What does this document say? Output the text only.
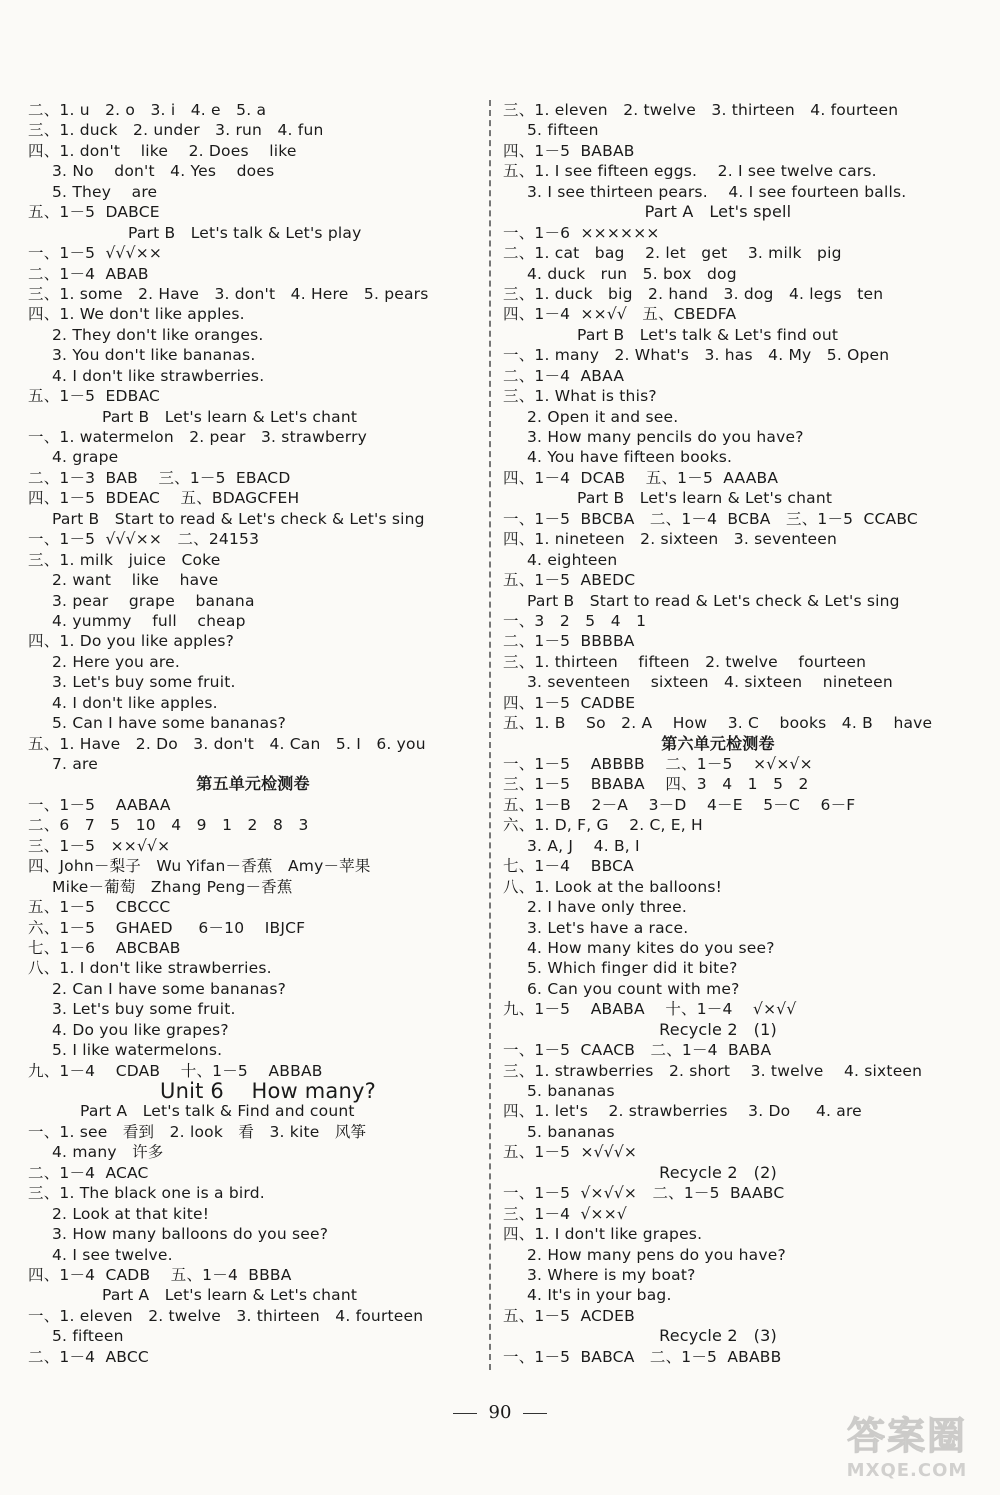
二、1. u   2. o   3. i   4. e   5. a
三、1. duck   2. under   3. run   4. fun
四、1. don't    like    2. Does    like
3. No    don't   4. Yes    does
5. They    are
五、1－5  DABCE
Part B   Let's talk & Let's play
一、1－5  √√√××
二、1－4  ABAB
三、1. some   2. Have   3. don't   4. Here   5. pears
四、1. We don't like apples.
2. They don't like oranges.
3. You don't like bananas.
4. I don't like strawberries.
五、1－5  EDBAC
Part B   Let's learn & Let's chant
一、1. watermelon   2. pear   3. strawberry
4. grape
二、1－3  BAB    三、1－5  EBACD
四、1－5  BDEAC    五、BDAGCFEH
Part B   Start to read & Let's check & Let's sing
一、1－5  √√√××   二、24153
三、1. milk   juice   Coke
2. want    like    have
3. pear    grape    banana
4. yummy    full    cheap
四、1. Do you like apples?
2. Here you are.
3. Let's buy some fruit.
4. I don't like apples.
5. Can I have some bananas?
五、1. Have   2. Do   3. don't   4. Can   5. I   6. you
7. are
第五单元检测卷
一、1－5    AABAA
二、6   7   5   10   4   9   1   2   8   3
三、1－5   ××√√×
四、John－梨子   Wu Yifan－香蕉   Amy－苹果
Mike－葡萄   Zhang Peng－香蕉
五、1－5    CBCCC
六、1－5    GHAED     6－10    IBJCF
七、1－6    ABCBAB
八、1. I don't like strawberries.
2. Can I have some bananas?
3. Let's buy some fruit.
4. Do you like grapes?
5. I like watermelons.
九、1－4    CDAB    十、1－5    ABBAB
Unit 6    How many?
Part A   Let's talk & Find and count
一、1. see   看到   2. look   看   3. kite   风筝
4. many   许多
二、1－4  ACAC
三、1. The black one is a bird.
2. Look at that kite!
3. How many balloons do you see?
4. I see twelve.
四、1－4  CADB    五、1－4  BBBA
Part A   Let's learn & Let's chant
一、1. eleven   2. twelve   3. thirteen   4. fourteen
5. fifteen
二、1－4  ABCC
三、1. eleven   2. twelve   3. thirteen   4. fourteen
5. fifteen
四、1－5  BABAB
五、1. I see fifteen eggs.    2. I see twelve cars.
3. I see thirteen pears.    4. I see fourteen balls.
Part A   Let's spell
一、1－6  ××××××
二、1. cat   bag    2. let   get    3. milk   pig
4. duck   run   5. box   dog
三、1. duck   big   2. hand   3. dog   4. legs   ten
四、1－4  ××√√   五、CBEDFA
Part B   Let's talk & Let's find out
一、1. many   2. What's   3. has   4. My   5. Open
二、1－4  ABAA
三、1. What is this?
2. Open it and see.
3. How many pencils do you have?
4. You have fifteen books.
四、1－4  DCAB    五、1－5  AAABA
Part B   Let's learn & Let's chant
一、1－5  BBCBA   二、1－4  BCBA   三、1－5  CCABC
四、1. nineteen   2. sixteen   3. seventeen
4. eighteen
五、1－5  ABEDC
Part B   Start to read & Let's check & Let's sing
一、3   2   5   4   1
二、1－5  BBBBA
三、1. thirteen    fifteen   2. twelve    fourteen
3. seventeen    sixteen   4. sixteen    nineteen
四、1－5  CADBE
五、1. B    So   2. A    How    3. C    books   4. B    have
第六单元检测卷
一、1－5    ABBBB    二、1－5    ×√×√×
三、1－5    BBABA    四、3   4   1   5   2
五、1－B    2－A    3－D    4－E    5－C    6－F
六、1. D, F, G    2. C, E, H
3. A, J    4. B, I
七、1－4    BBCA
八、1. Look at the balloons!
2. I have only three.
3. Let's have a race.
4. How many kites do you see?
5. Which finger did it bite?
6. Can you count with me?
九、1－5    ABABA    十、1－4    √×√√
Recycle 2   (1)
一、1－5  CAACB   二、1－4  BABA
三、1. strawberries   2. short    3. twelve    4. sixteen
5. bananas
四、1. let's    2. strawberries    3. Do     4. are
5. bananas
五、1－5  ×√√√×
Recycle 2   (2)
一、1－5  √×√√×   二、1－5  BAABC
三、1－4  √××√
四、1. I don't like grapes.
2. How many pens do you have?
3. Where is my boat?
4. It's in your bag.
五、1－5  ACDEB
Recycle 2   (3)
一、1－5  BABCA   二、1－5  ABABB
90
答案圈
MXQE.COM
